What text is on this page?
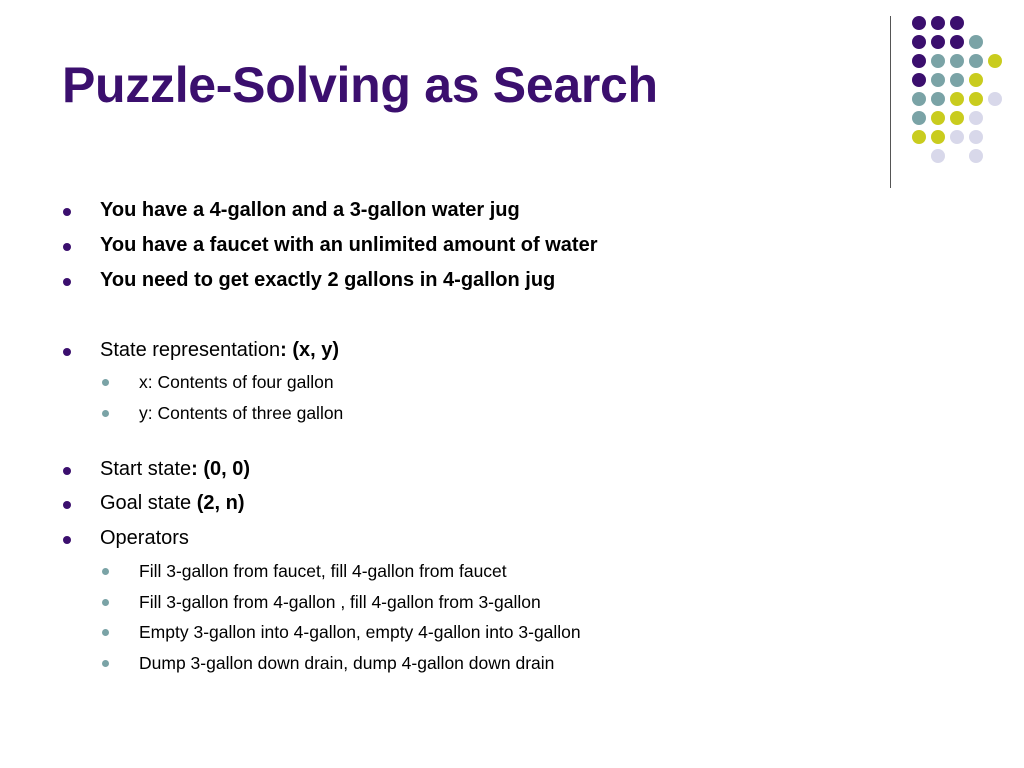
Puzzle-Solving as Search
You have a 4-gallon and a 3-gallon water jug
You have a faucet with an unlimited amount of water
You need to get exactly 2 gallons in 4-gallon jug
State representation: (x, y)
x: Contents of four gallon
y: Contents of three gallon
Start state: (0, 0)
Goal state (2, n)
Operators
Fill 3-gallon from faucet, fill 4-gallon from faucet
Fill 3-gallon from 4-gallon , fill 4-gallon from 3-gallon
Empty 3-gallon into 4-gallon, empty 4-gallon into 3-gallon
Dump 3-gallon down drain, dump 4-gallon down drain
